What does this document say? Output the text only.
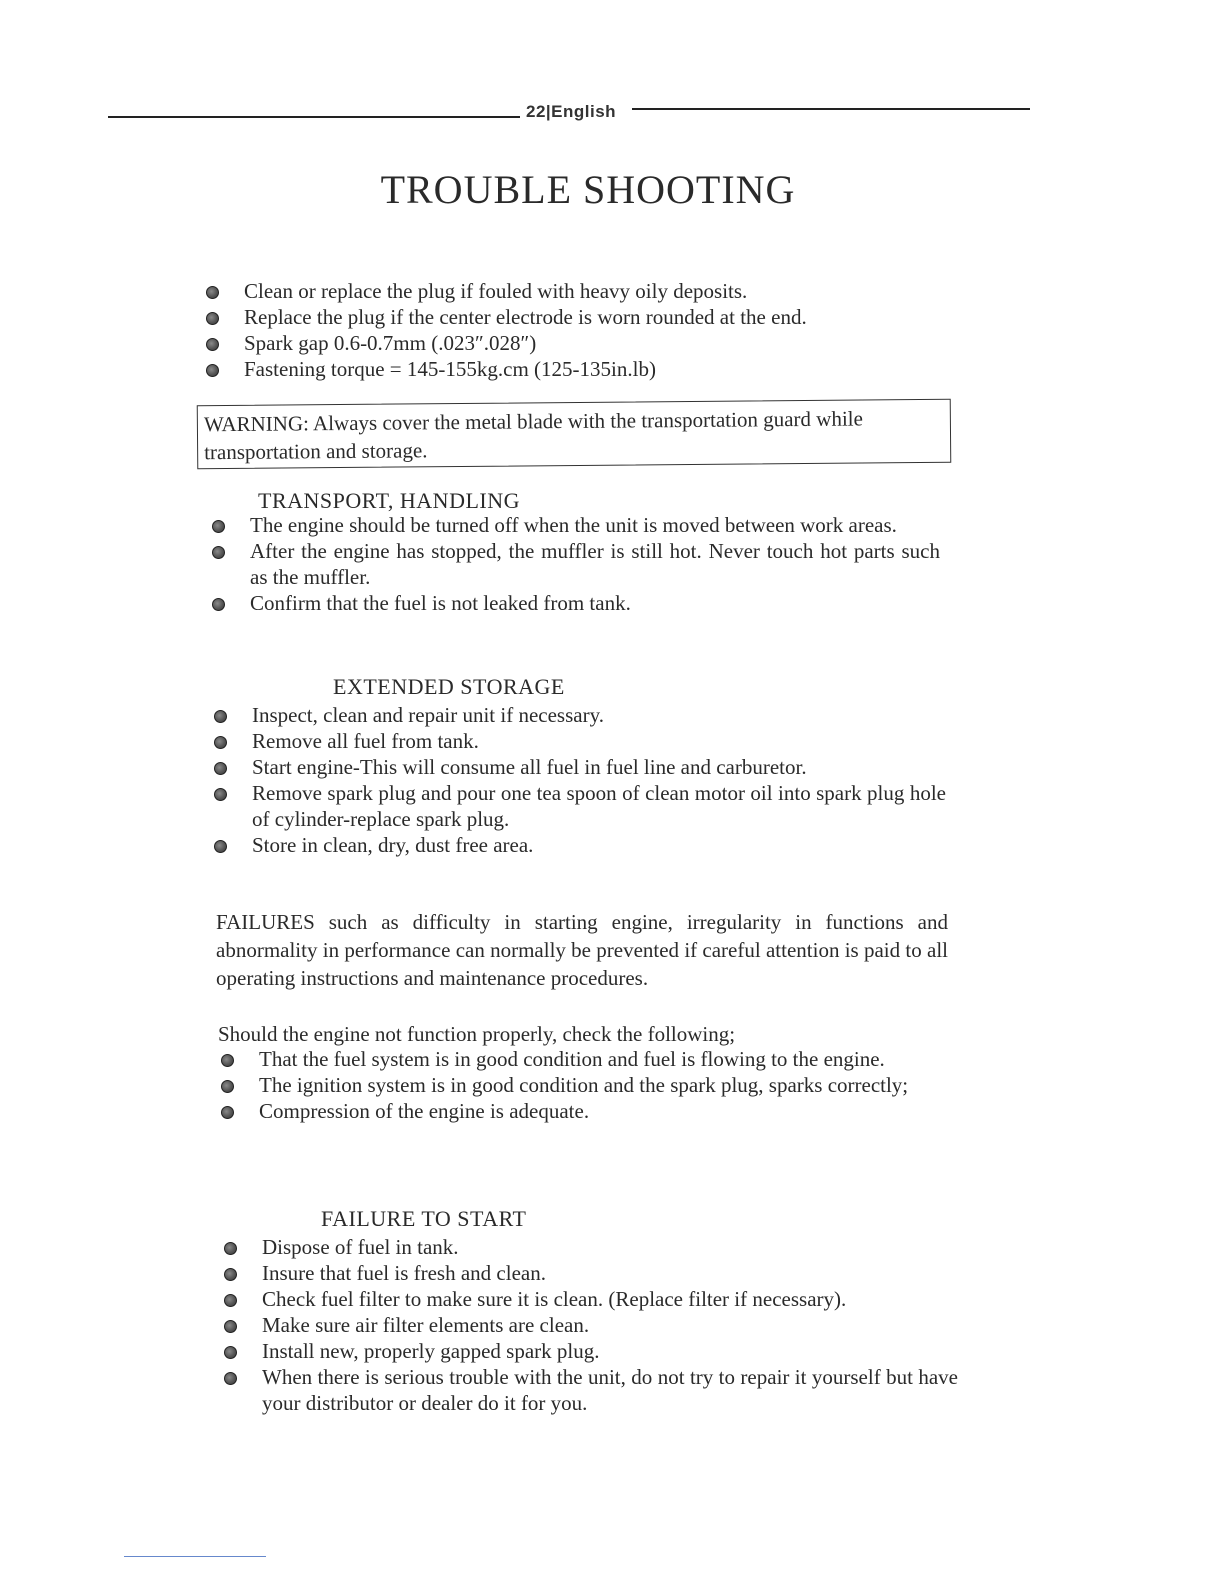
22|English
TROUBLE SHOOTING
Clean or replace the plug if fouled with heavy oily deposits.
Replace the plug if the center electrode is worn rounded at the end.
Spark gap 0.6-0.7mm (.023″.028″)
Fastening torque = 145-155kg.cm (125-135in.lb)
WARNING: Always cover the metal blade with the transportation guard while transportation and storage.
TRANSPORT, HANDLING
The engine should be turned off when the unit is moved between work areas.
After the engine has stopped, the muffler is still hot. Never touch hot parts such as the muffler.
Confirm that the fuel is not leaked from tank.
EXTENDED STORAGE
Inspect, clean and repair unit if necessary.
Remove all fuel from tank.
Start engine-This will consume all fuel in fuel line and carburetor.
Remove spark plug and pour one tea spoon of clean motor oil into spark plug hole of cylinder-replace spark plug.
Store in clean, dry, dust free area.
FAILURES such as difficulty in starting engine, irregularity in functions and abnormality in performance can normally be prevented if careful attention is paid to all operating instructions and maintenance procedures.
Should the engine not function properly, check the following;
That the fuel system is in good condition and fuel is flowing to the engine.
The ignition system is in good condition and the spark plug, sparks correctly;
Compression of the engine is adequate.
FAILURE TO START
Dispose of fuel in tank.
Insure that fuel is fresh and clean.
Check fuel filter to make sure it is clean. (Replace filter if necessary).
Make sure air filter elements are clean.
Install new, properly gapped spark plug.
When there is serious trouble with the unit, do not try to repair it yourself but have your distributor or dealer do it for you.
